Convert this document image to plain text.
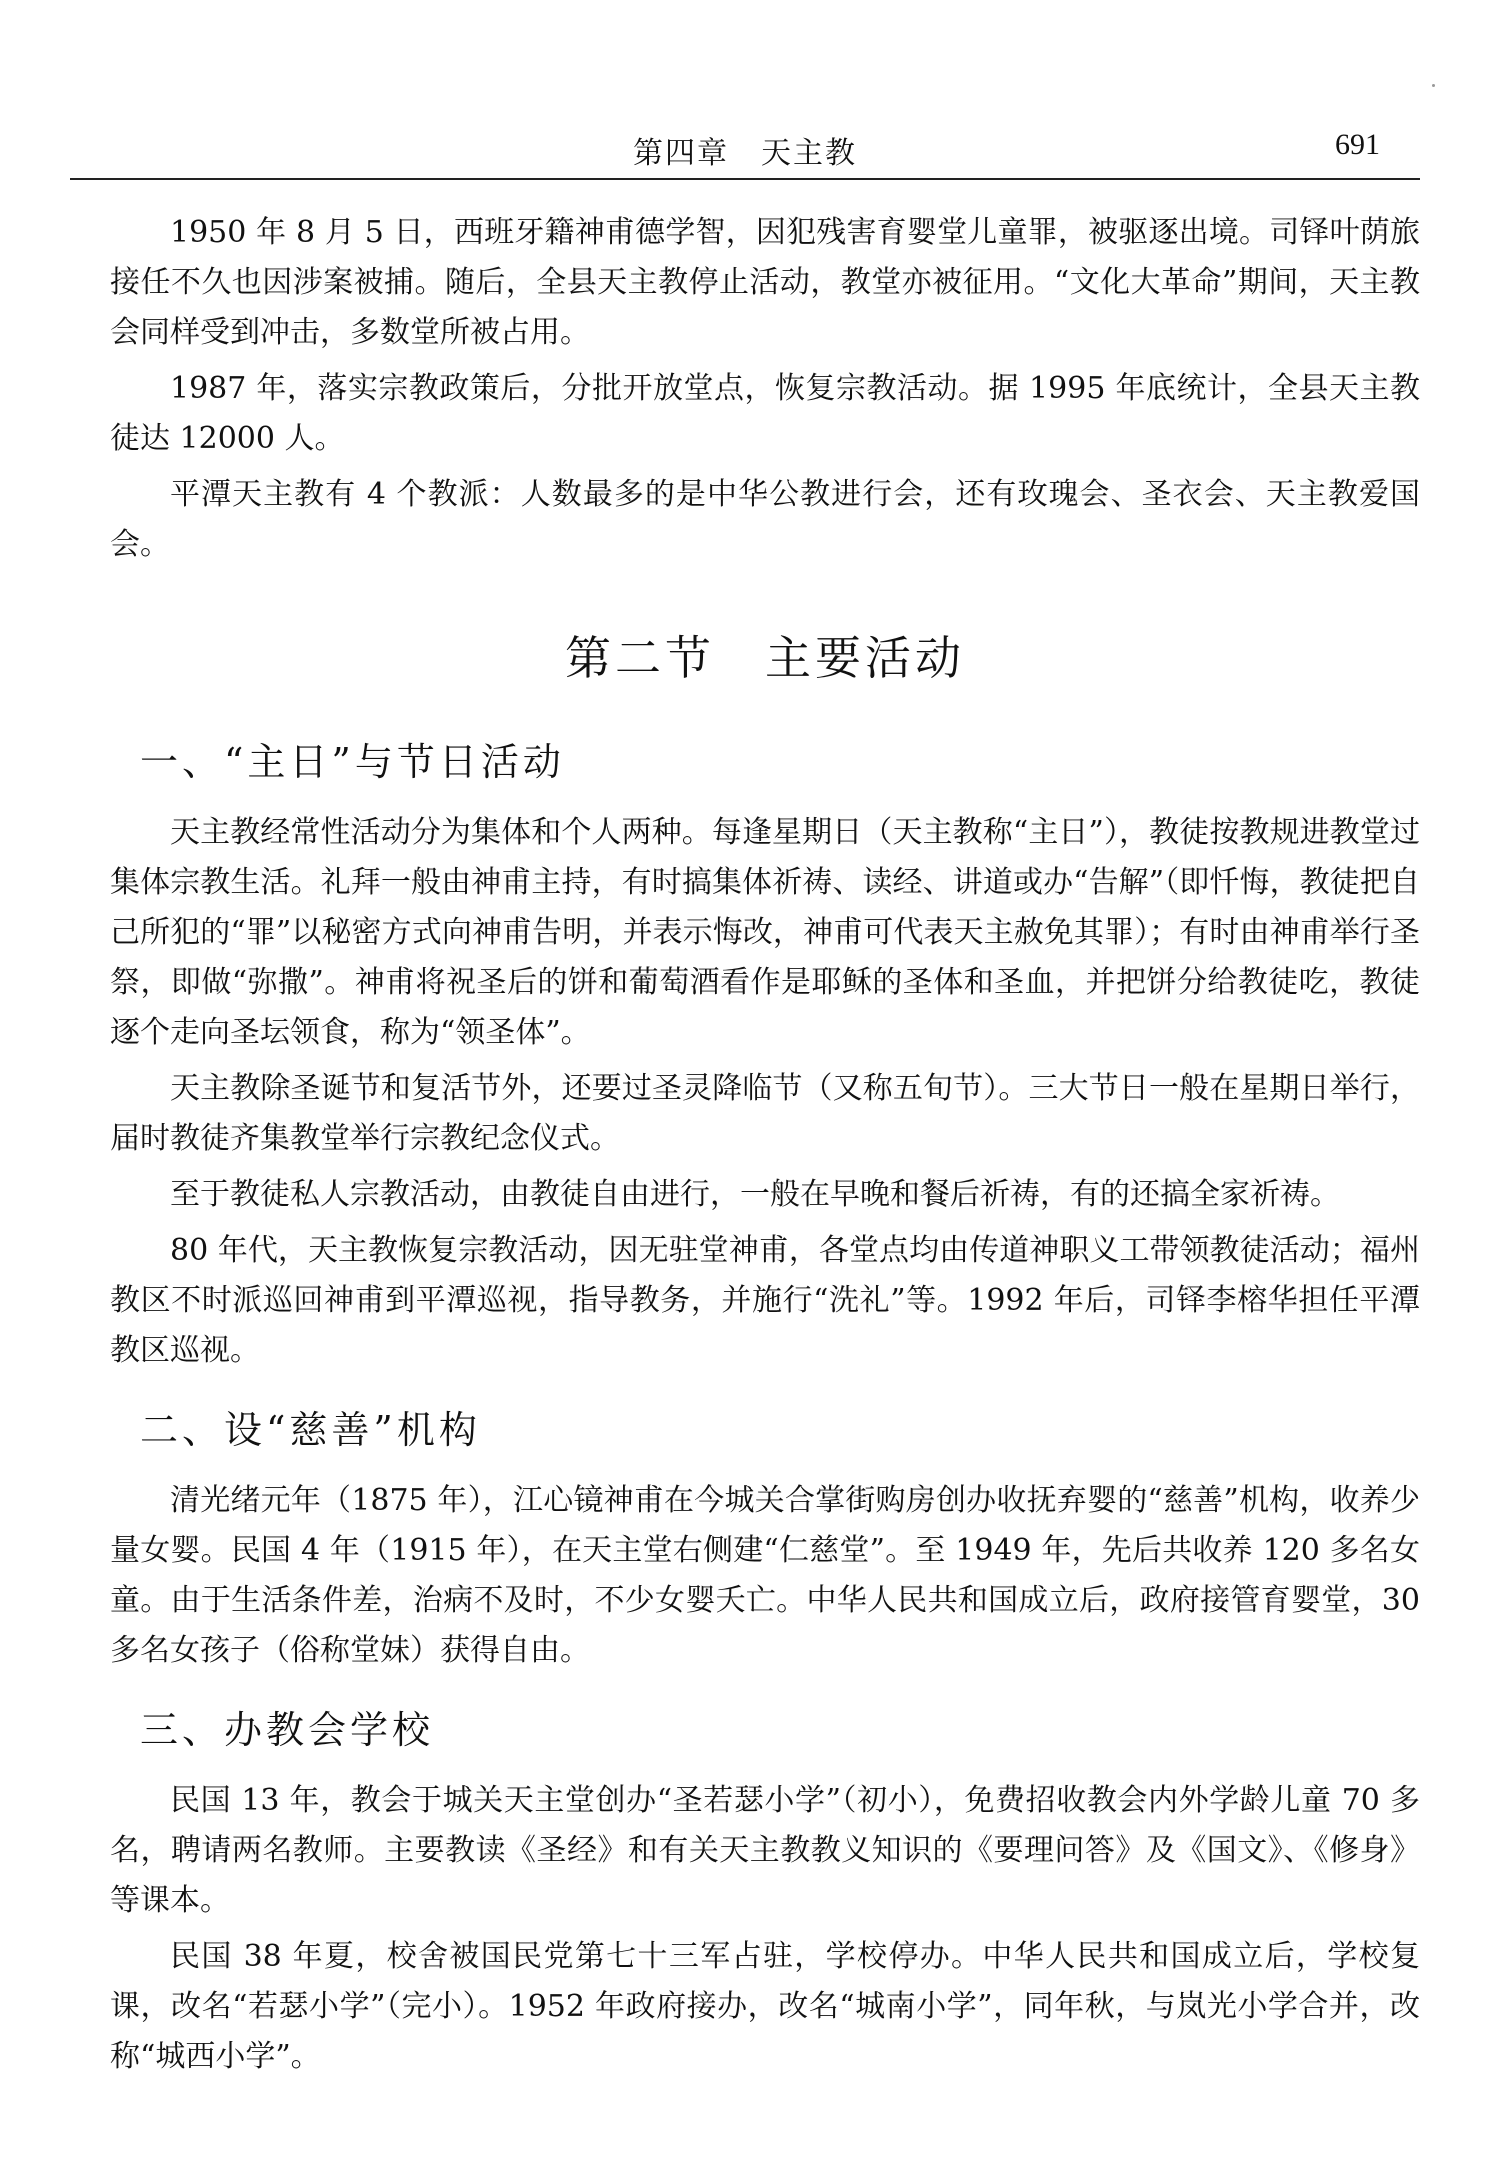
第四章　天主教	691

1950 年 8 月 5 日，西班牙籍神甫德学智，因犯残害育婴堂儿童罪，被驱逐出境。司铎叶荫旅接任不久也因涉案被捕。随后，全县天主教停止活动，教堂亦被征用。“文化大革命”期间，天主教会同样受到冲击，多数堂所被占用。

1987 年，落实宗教政策后，分批开放堂点，恢复宗教活动。据 1995 年底统计，全县天主教徒达 12000 人。

平潭天主教有 4 个教派：人数最多的是中华公教进行会，还有玫瑰会、圣衣会、天主教爱国会。

第二节　主要活动
一、“主日”与节日活动

天主教经常性活动分为集体和个人两种。每逢星期日（天主教称“主日”），教徒按教规进教堂过集体宗教生活。礼拜一般由神甫主持，有时搞集体祈祷、读经、讲道或办“告解”（即忏悔，教徒把自己所犯的“罪”以秘密方式向神甫告明，并表示悔改，神甫可代表天主赦免其罪）；有时由神甫举行圣祭，即做“弥撒”。神甫将祝圣后的饼和葡萄酒看作是耶稣的圣体和圣血，并把饼分给教徒吃，教徒逐个走向圣坛领食，称为“领圣体”。

天主教除圣诞节和复活节外，还要过圣灵降临节（又称五旬节）。三大节日一般在星期日举行，届时教徒齐集教堂举行宗教纪念仪式。

至于教徒私人宗教活动，由教徒自由进行，一般在早晚和餐后祈祷，有的还搞全家祈祷。

80 年代，天主教恢复宗教活动，因无驻堂神甫，各堂点均由传道神职义工带领教徒活动；福州教区不时派巡回神甫到平潭巡视，指导教务，并施行“洗礼”等。1992 年后，司铎李榕华担任平潭教区巡视。

二、设“慈善”机构

清光绪元年（1875 年），江心镜神甫在今城关合掌街购房创办收抚弃婴的“慈善”机构，收养少量女婴。民国 4 年（1915 年），在天主堂右侧建“仁慈堂”。至 1949 年，先后共收养 120 多名女童。由于生活条件差，治病不及时，不少女婴夭亡。中华人民共和国成立后，政府接管育婴堂，30 多名女孩子（俗称堂妹）获得自由。

三、办教会学校

民国 13 年，教会于城关天主堂创办“圣若瑟小学”（初小），免费招收教会内外学龄儿童 70 多名，聘请两名教师。主要教读《圣经》和有关天主教教义知识的《要理问答》及《国文》、《修身》等课本。

民国 38 年夏，校舍被国民党第七十三军占驻，学校停办。中华人民共和国成立后，学校复课，改名“若瑟小学”（完小）。1952 年政府接办，改名“城南小学”，同年秋，与岚光小学合并，改称“城西小学”。
